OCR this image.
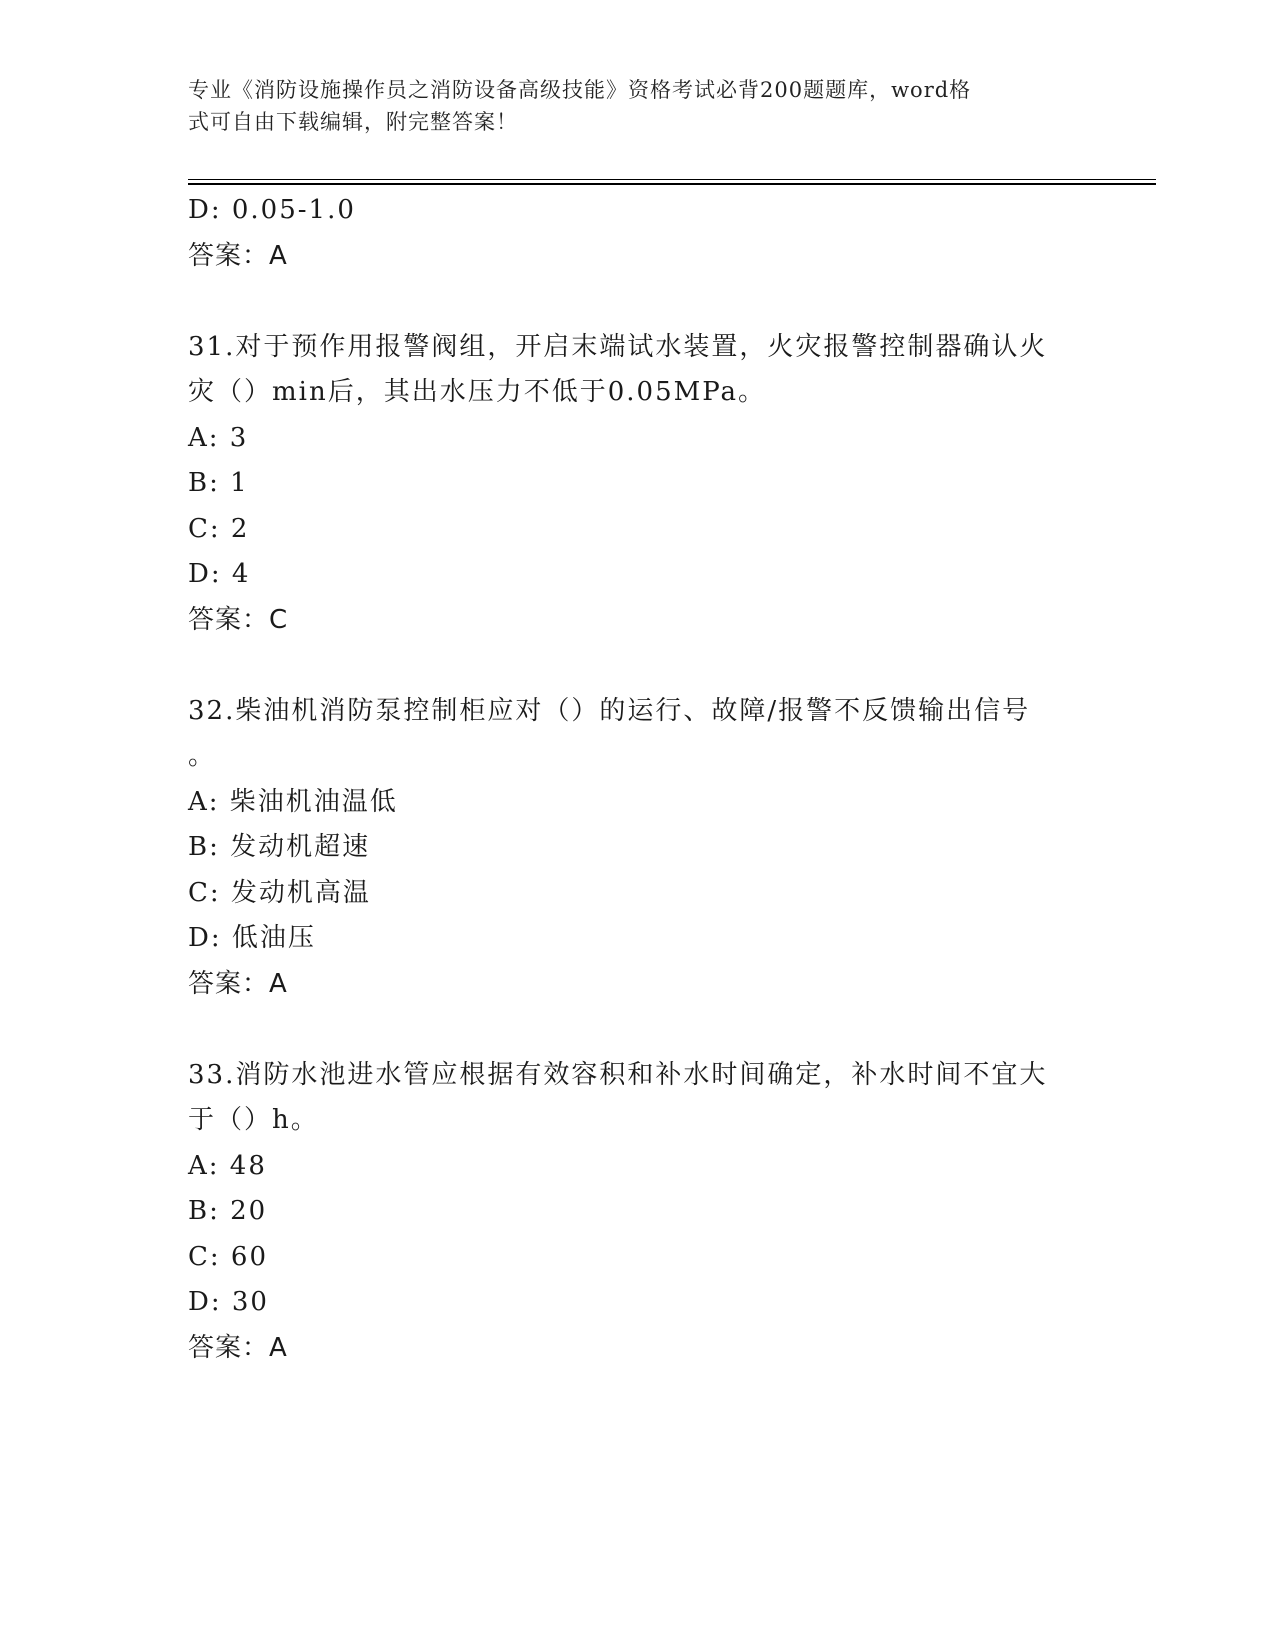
专业《消防设施操作员之消防设备高级技能》资格考试必背200题题库，word格
式可自由下载编辑，附完整答案！
D: 0.05-1.0
答案：A
31.对于预作用报警阀组，开启末端试水装置，火灾报警控制器确认火
灾（）min后，其出水压力不低于0.05MPa。
A: 3
B: 1
C: 2
D: 4
答案：C
32.柴油机消防泵控制柜应对（）的运行、故障/报警不反馈输出信号
。
A: 柴油机油温低
B: 发动机超速
C: 发动机高温
D: 低油压
答案：A
33.消防水池进水管应根据有效容积和补水时间确定，补水时间不宜大
于（）h。
A: 48
B: 20
C: 60
D: 30
答案：A
